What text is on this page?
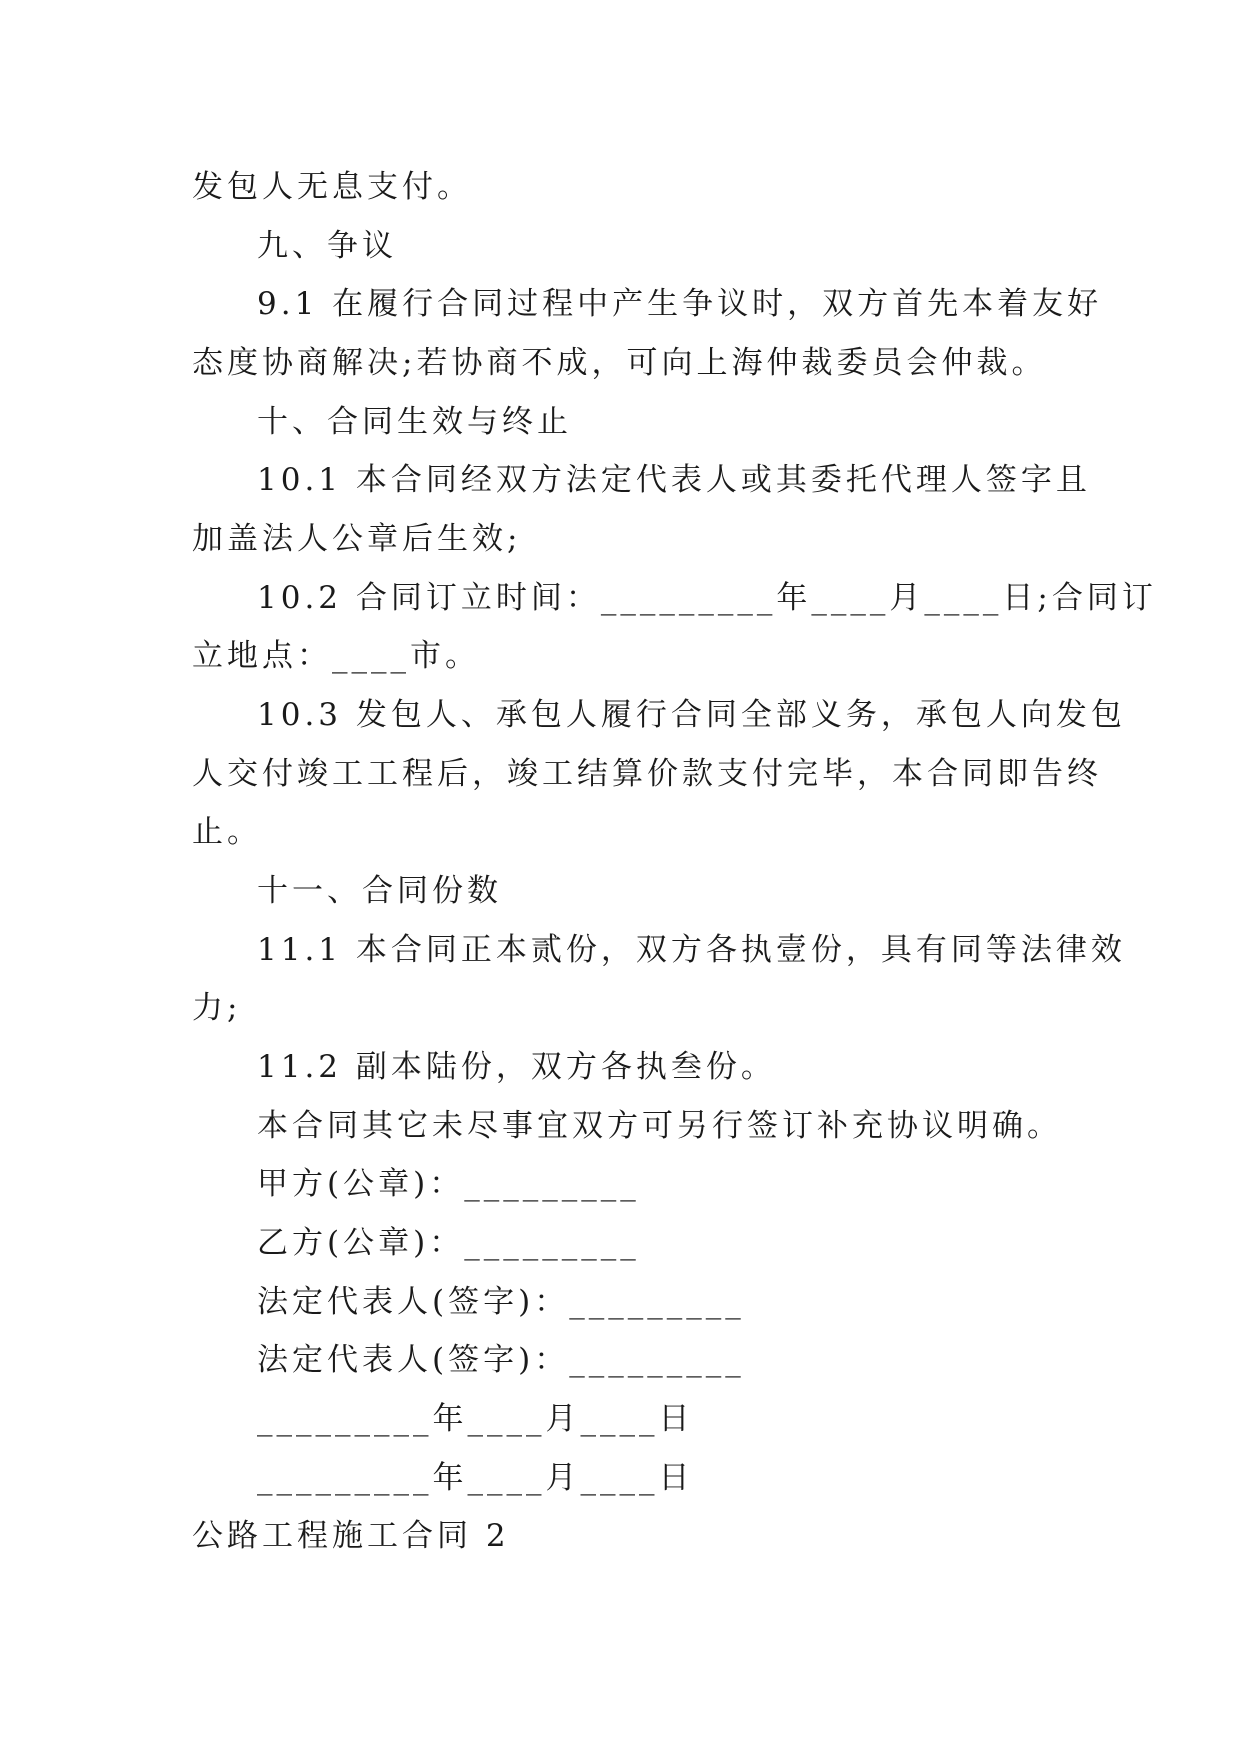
发包人无息支付。
九、争议
9.1 在履行合同过程中产生争议时，双方首先本着友好
态度协商解决;若协商不成，可向上海仲裁委员会仲裁。
十、合同生效与终止
10.1 本合同经双方法定代表人或其委托代理人签字且
加盖法人公章后生效;
10.2 合同订立时间：_________年____月____日;合同订
立地点：____市。
10.3 发包人、承包人履行合同全部义务，承包人向发包
人交付竣工工程后，竣工结算价款支付完毕，本合同即告终
止。
十一、合同份数
11.1 本合同正本贰份，双方各执壹份，具有同等法律效
力;
11.2 副本陆份，双方各执叁份。
本合同其它未尽事宜双方可另行签订补充协议明确。
甲方(公章)：_________
乙方(公章)：_________
法定代表人(签字)：_________
法定代表人(签字)：_________
_________年____月____日
_________年____月____日
公路工程施工合同 2
